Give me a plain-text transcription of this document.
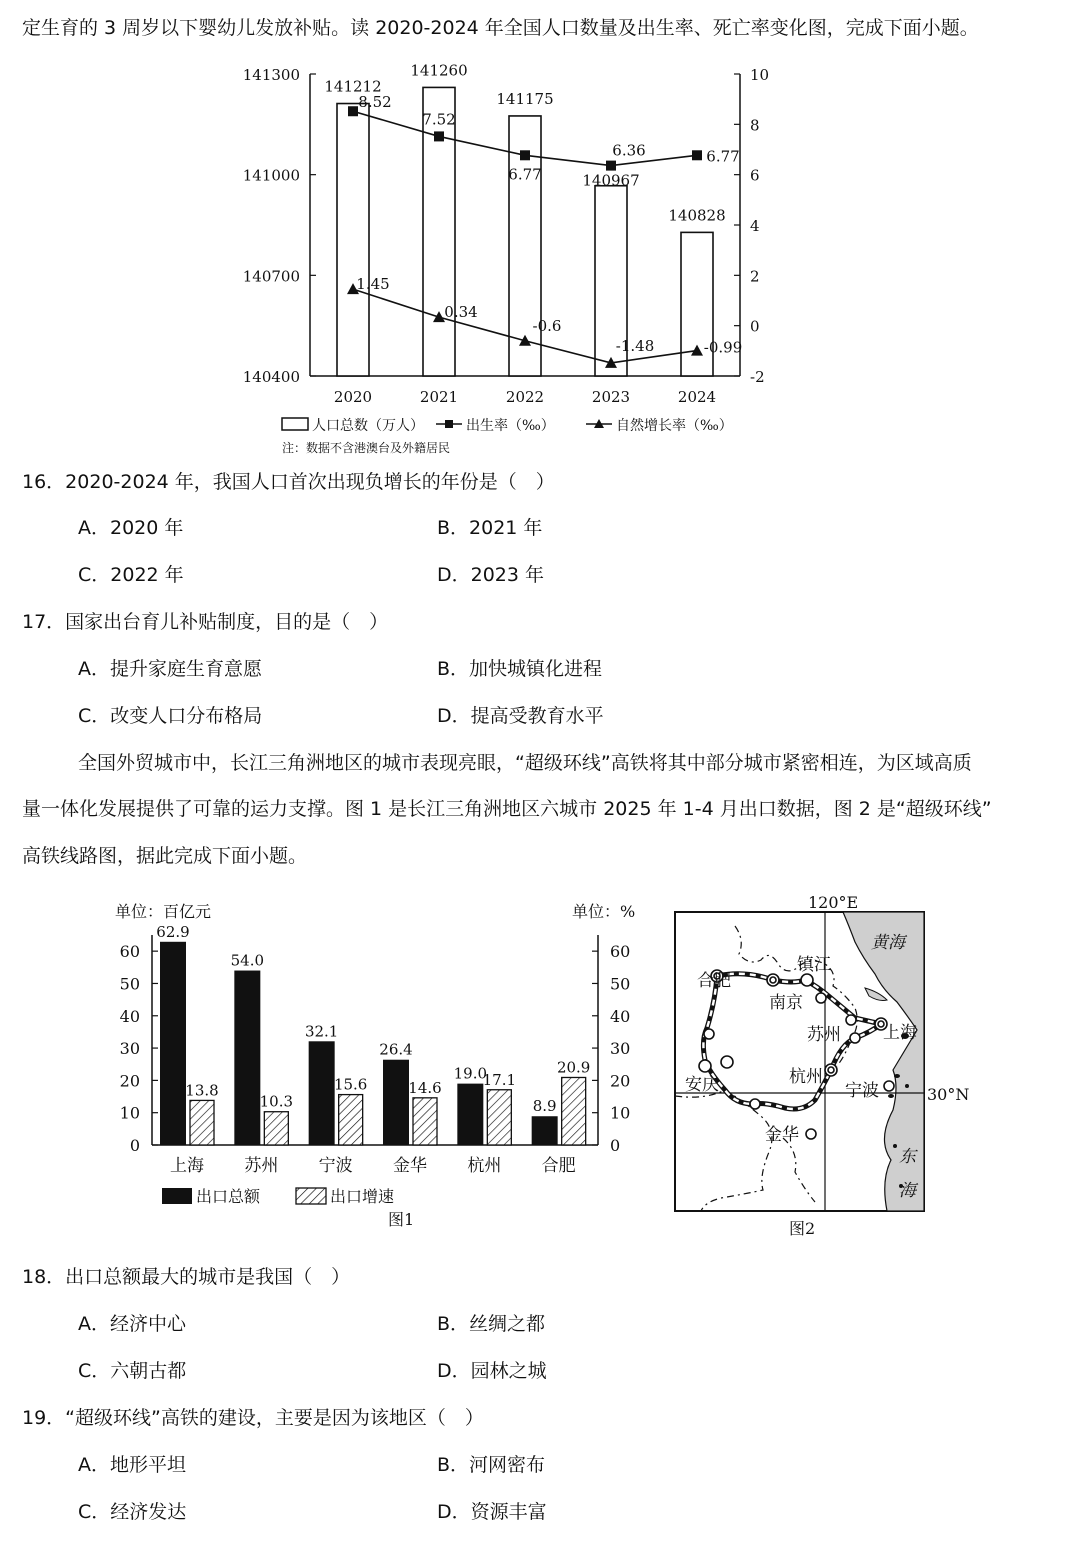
定生育的 3 周岁以下婴幼儿发放补贴。读 2020-2024 年全国人口数量及出生率、死亡率变化图，完成下面小题。
141300
141000
140700
140400
10
8
6
4
2
0
-2
2020	2021	2022	2023	2024
141212
141260
141175
140967
140828
8.52
7.52
6.77
6.36	6.77
1.45
0.34
-0.6
-1.48	-0.99
人口总数（万人）	出生率（‰）	自然增长率（‰）
注：数据不含港澳台及外籍居民
16．2020-2024 年，我国人口首次出现负增长的年份是（　）
A．2020 年	B．2021 年
C．2022 年	D．2023 年
17．国家出台育儿补贴制度，目的是（　）
A．提升家庭生育意愿	B．加快城镇化进程
C．改变人口分布格局	D．提高受教育水平
全国外贸城市中，长江三角洲地区的城市表现亮眼，“超级环线”高铁将其中部分城市紧密相连，为区域高质
量一体化发展提供了可靠的运力支撑。图 1 是长江三角洲地区六城市 2025 年 1-4 月出口数据，图 2 是“超级环线”
高铁线路图，据此完成下面小题。
单位：百亿元	单位：%
60	60
50	50
40	40
30	30
20	20
10	10
0	0
62.9
13.8
上海
54.0
10.3
苏州
32.1
15.6
宁波
26.4
14.6
金华
19.0
17.1
杭州
8.9
20.9
合肥
出口总额	出口增速
图1
120°E
30°N
合肥
镇江
南京
苏州 上海
安庆	杭州
宁波
金华
黄海
东
海
图2
18．出口总额最大的城市是我国（　）
A．经济中心	B．丝绸之都
C．六朝古都	D．园林之城
19．“超级环线”高铁的建设，主要是因为该地区（　）
A．地形平坦	B．河网密布
C．经济发达	D．资源丰富
